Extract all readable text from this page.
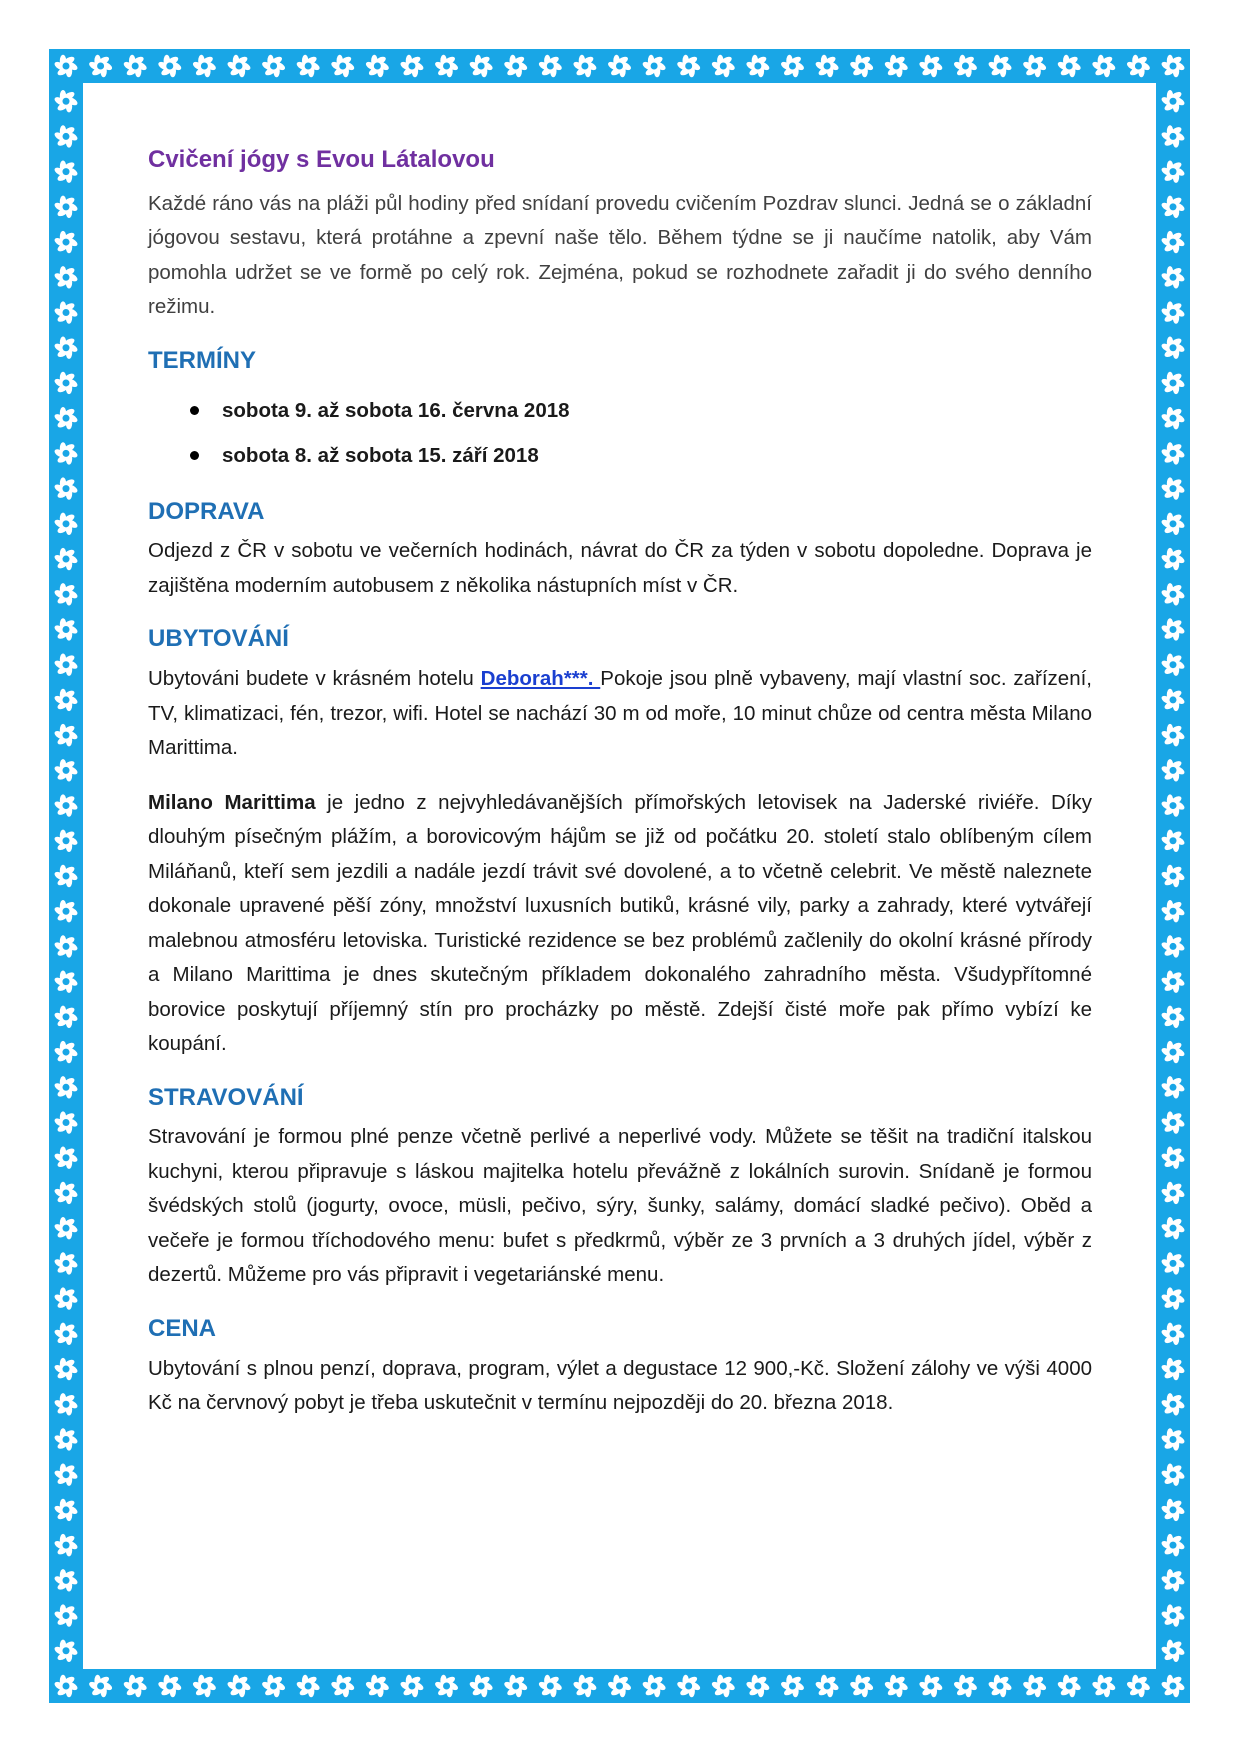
Cvičení jógy s Evou Látalovou

Každé ráno vás na pláži půl hodiny před snídaní provedu cvičením Pozdrav slunci. Jedná se o základní jógovou sestavu, která protáhne a zpevní naše tělo. Během týdne se ji naučíme natolik, aby Vám pomohla udržet se ve formě po celý rok. Zejména, pokud se rozhodnete zařadit ji do svého denního režimu.

TERMÍNY
sobota 9. až sobota 16. června 2018
sobota 8. až sobota 15. září 2018
DOPRAVA

Odjezd z ČR v sobotu ve večerních hodinách, návrat do ČR za týden v sobotu dopoledne. Doprava je zajištěna moderním autobusem z několika nástupních míst v ČR.

UBYTOVÁNÍ

Ubytováni budete v krásném hotelu Deborah***. Pokoje jsou plně vybaveny, mají vlastní soc. zařízení, TV, klimatizaci, fén, trezor, wifi. Hotel se nachází 30 m od moře, 10 minut chůze od centra města Milano Marittima.

Milano Marittima je jedno z nejvyhledávanějších přímořských letovisek na Jaderské riviéře. Díky dlouhým písečným plážím, a borovicovým hájům se již od počátku 20. století stalo oblíbeným cílem Miláňanů, kteří sem jezdili a nadále jezdí trávit své dovolené, a to včetně celebrit. Ve městě naleznete dokonale upravené pěší zóny, množství luxusních butiků, krásné vily, parky a zahrady, které vytvářejí malebnou atmosféru letoviska. Turistické rezidence se bez problémů začlenily do okolní krásné přírody a Milano Marittima je dnes skutečným příkladem dokonalého zahradního města. Všudypřítomné borovice poskytují příjemný stín pro procházky po městě. Zdejší čisté moře pak přímo vybízí ke koupání.

STRAVOVÁNÍ

Stravování je formou plné penze včetně perlivé a neperlivé vody. Můžete se těšit na tradiční italskou kuchyni, kterou připravuje s láskou majitelka hotelu převážně z lokálních surovin. Snídaně je formou švédských stolů (jogurty, ovoce, müsli, pečivo, sýry, šunky, salámy, domácí sladké pečivo). Oběd a večeře je formou tříchodového menu: bufet s předkrmů, výběr ze 3 prvních a 3 druhých jídel, výběr z dezertů. Můžeme pro vás připravit i vegetariánské menu.

CENA

Ubytování s plnou penzí, doprava, program, výlet a degustace 12 900,-Kč. Složení zálohy ve výši 4000 Kč na červnový pobyt je třeba uskutečnit v termínu nejpozději do 20. března 2018.
